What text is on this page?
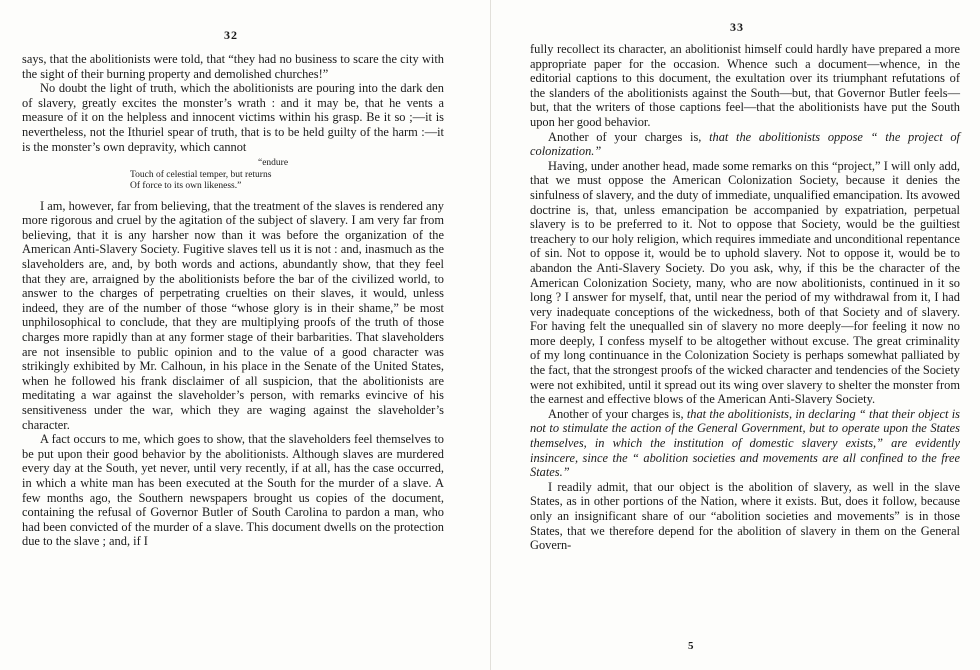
32

says, that the abolitionists were told, that “they had no business to scare the city with the sight of their burning property and demolished churches!”

No doubt the light of truth, which the abolitionists are pouring into the dark den of slavery, greatly excites the monster’s wrath : and it may be, that he vents a measure of it on the helpless and innocent victims within his grasp. Be it so ;—it is nevertheless, not the Ithuriel spear of truth, that is to be held guilty of the harm :—it is the monster’s own depravity, which cannot

“endure
Touch of celestial temper, but returns
Of force to its own likeness.”

I am, however, far from believing, that the treatment of the slaves is rendered any more rigorous and cruel by the agitation of the subject of slavery. I am very far from believing, that it is any harsher now than it was before the organization of the American Anti-Slavery Society. Fugitive slaves tell us it is not : and, inasmuch as the slaveholders are, and, by both words and actions, abundantly show, that they feel that they are, arraigned by the abolitionists before the bar of the civilized world, to answer to the charges of perpetrating cruelties on their slaves, it would, unless indeed, they are of the number of those “whose glory is in their shame,” be most unphilosophical to conclude, that they are multiplying proofs of the truth of those charges more rapidly than at any former stage of their barbarities. That slaveholders are not insensible to public opinion and to the value of a good character was strikingly exhibited by Mr. Calhoun, in his place in the Senate of the United States, when he followed his frank disclaimer of all suspicion, that the abolitionists are meditating a war against the slaveholder’s person, with remarks evincive of his sensitiveness under the war, which they are waging against the slaveholder’s character.

A fact occurs to me, which goes to show, that the slaveholders feel themselves to be put upon their good behavior by the abolitionists. Although slaves are murdered every day at the South, yet never, until very recently, if at all, has the case occurred, in which a white man has been executed at the South for the murder of a slave. A few months ago, the Southern newspapers brought us copies of the document, containing the refusal of Governor Butler of South Carolina to pardon a man, who had been convicted of the murder of a slave. This document dwells on the protection due to the slave ; and, if I

33

fully recollect its character, an abolitionist himself could hardly have prepared a more appropriate paper for the occasion. Whence such a document—whence, in the editorial captions to this document, the exultation over its triumphant refutations of the slanders of the abolitionists against the South—but, that Governor Butler feels—but, that the writers of those captions feel—that the abolitionists have put the South upon her good behavior.

Another of your charges is, that the abolitionists oppose “ the project of colonization.”

Having, under another head, made some remarks on this “project,” I will only add, that we must oppose the American Colonization Society, because it denies the sinfulness of slavery, and the duty of immediate, unqualified emancipation. Its avowed doctrine is, that, unless emancipation be accompanied by expatriation, perpetual slavery is to be preferred to it. Not to oppose that Society, would be the guiltiest treachery to our holy religion, which requires immediate and unconditional repentance of sin. Not to oppose it, would be to uphold slavery. Not to oppose it, would be to abandon the Anti-Slavery Society. Do you ask, why, if this be the character of the American Colonization Society, many, who are now abolitionists, continued in it so long ? I answer for myself, that, until near the period of my withdrawal from it, I had very inadequate conceptions of the wickedness, both of that Society and of slavery. For having felt the unequalled sin of slavery no more deeply—for feeling it now no more deeply, I confess myself to be altogether without excuse. The great criminality of my long continuance in the Colonization Society is perhaps somewhat palliated by the fact, that the strongest proofs of the wicked character and tendencies of the Society were not exhibited, until it spread out its wing over slavery to shelter the monster from the earnest and effective blows of the American Anti-Slavery Society.

Another of your charges is, that the abolitionists, in declaring “ that their object is not to stimulate the action of the General Government, but to operate upon the States themselves, in which the institution of domestic slavery exists,” are evidently insincere, since the “ abolition societies and movements are all confined to the free States.”

I readily admit, that our object is the abolition of slavery, as well in the slave States, as in other portions of the Nation, where it exists. But, does it follow, because only an insignificant share of our “abolition societies and movements” is in those States, that we therefore depend for the abolition of slavery in them on the General Govern-

5
